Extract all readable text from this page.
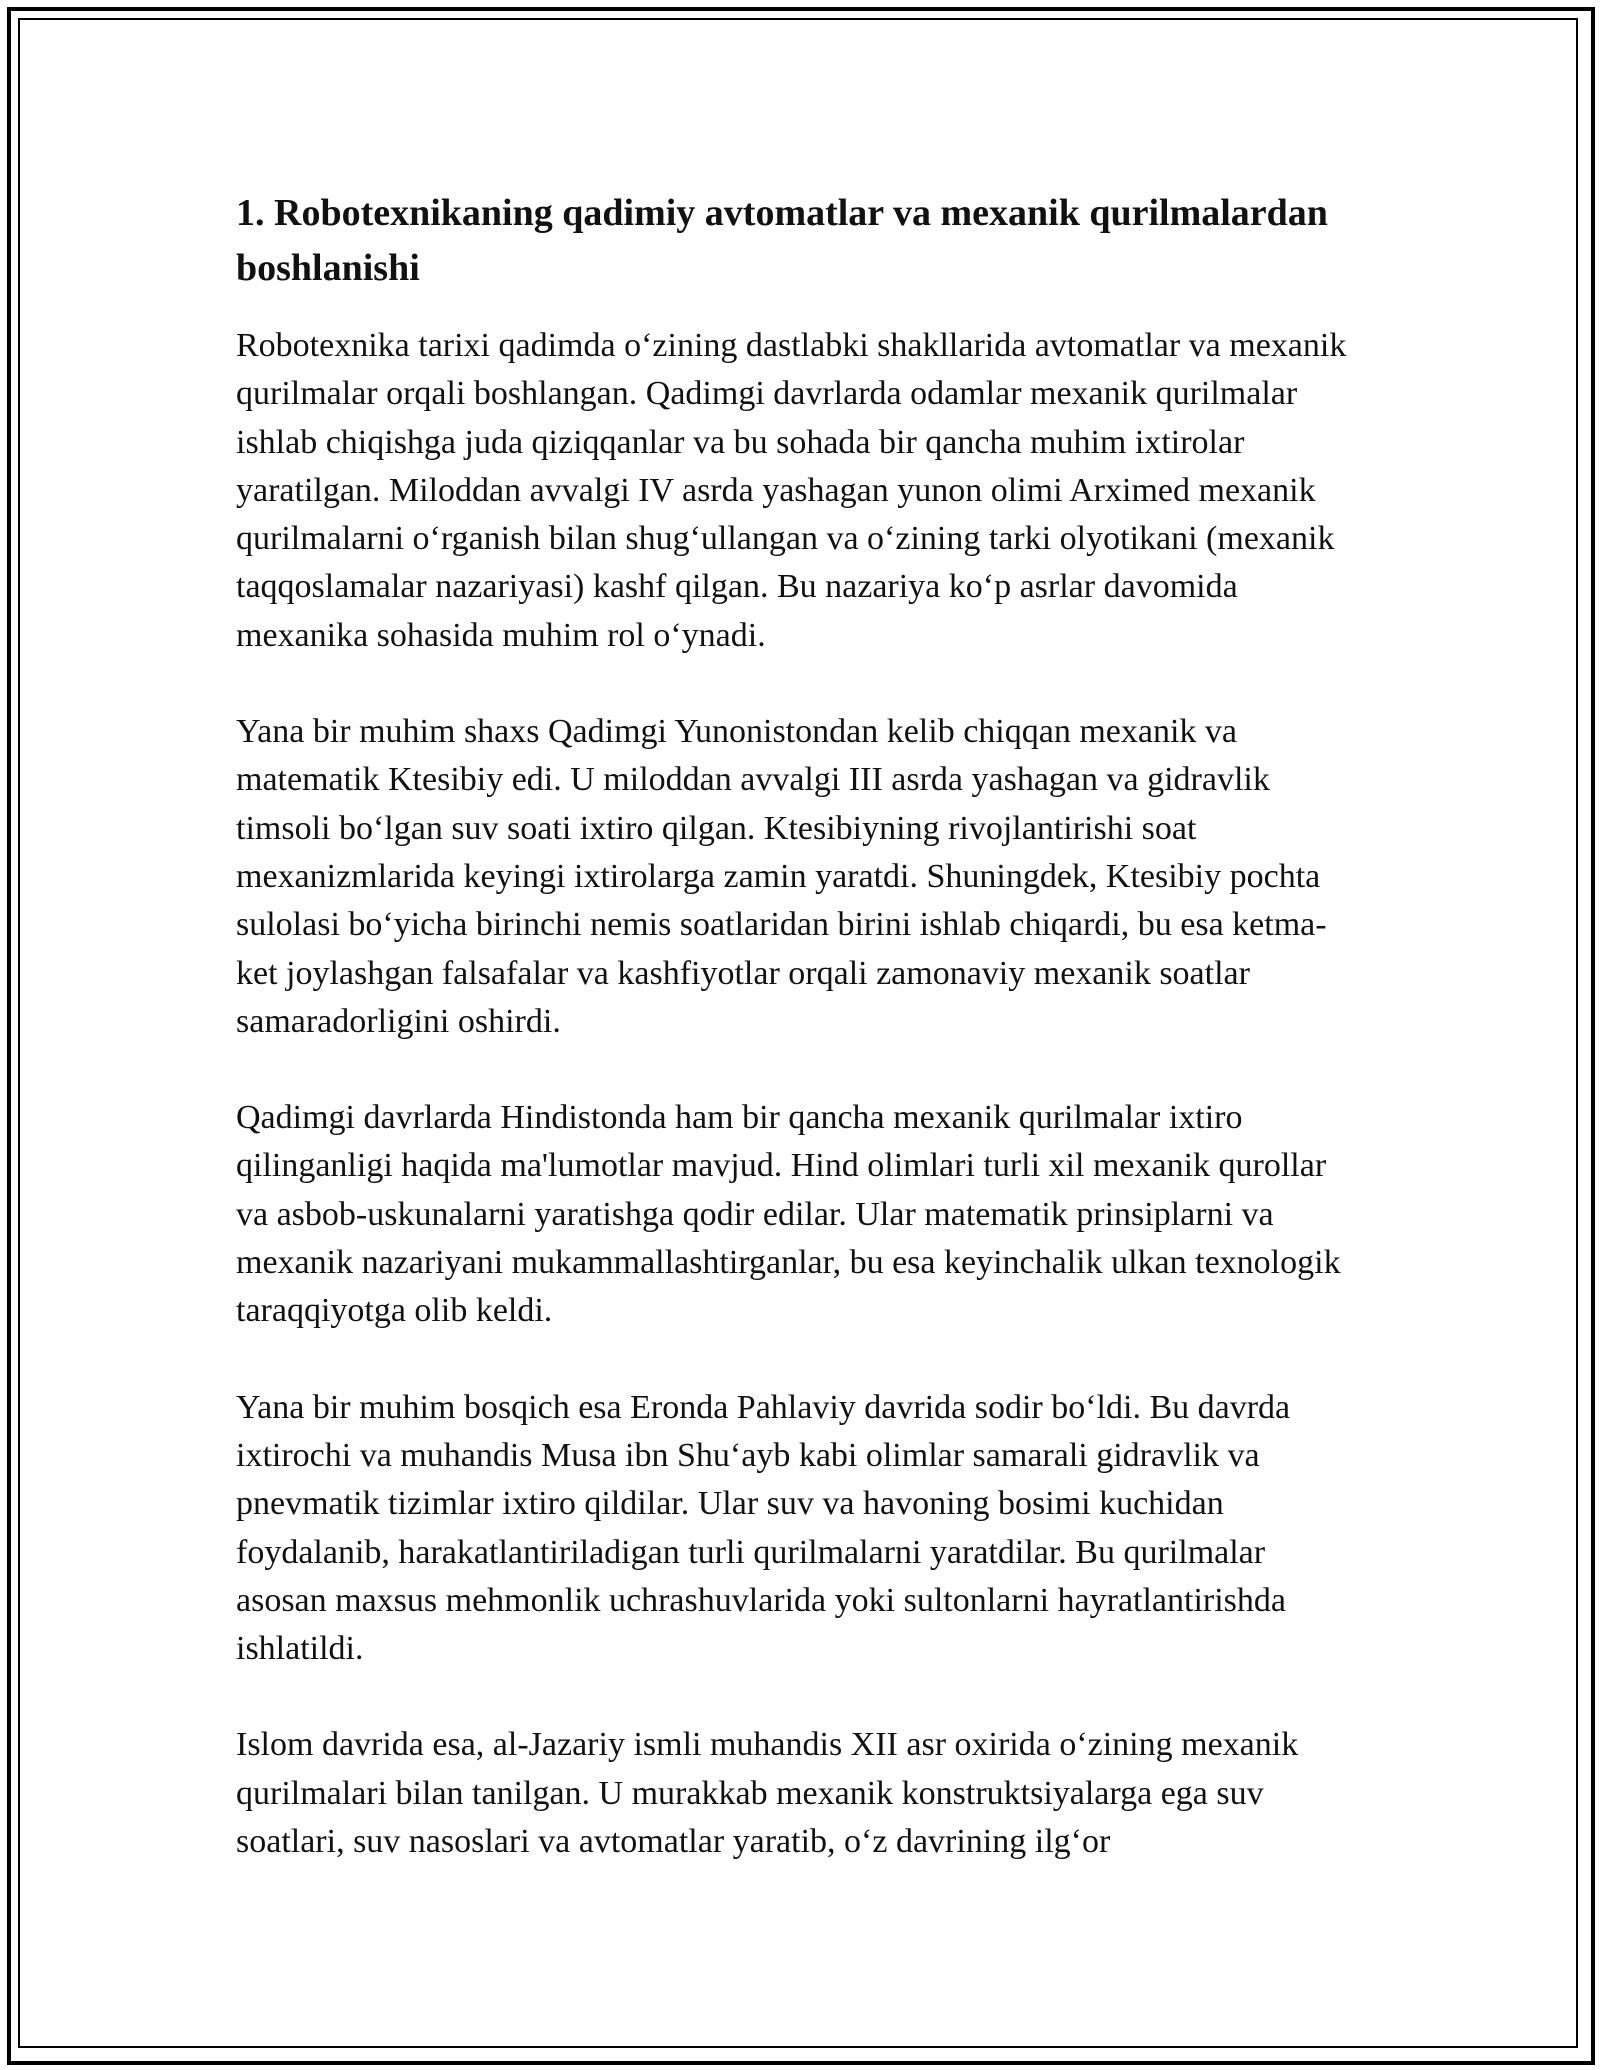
1. Robotexnikaning qadimiy avtomatlar va mexanik qurilmalardan boshlanishi

Robotexnika tarixi qadimda o‘zining dastlabki shakllarida avtomatlar va mexanik qurilmalar orqali boshlangan. Qadimgi davrlarda odamlar mexanik qurilmalar ishlab chiqishga juda qiziqqanlar va bu sohada bir qancha muhim ixtirolar yaratilgan. Miloddan avvalgi IV asrda yashagan yunon olimi Arximed mexanik qurilmalarni o‘rganish bilan shug‘ullangan va o‘zining tarki olyotikani (mexanik taqqoslamalar nazariyasi) kashf qilgan. Bu nazariya ko‘p asrlar davomida mexanika sohasida muhim rol o‘ynadi.

Yana bir muhim shaxs Qadimgi Yunonistondan kelib chiqqan mexanik va matematik Ktesibiy edi. U miloddan avvalgi III asrda yashagan va gidravlik timsoli bo‘lgan suv soati ixtiro qilgan. Ktesibiyning rivojlantirishi soat mexanizmlarida keyingi ixtirolarga zamin yaratdi. Shuningdek, Ktesibiy pochta sulolasi bo‘yicha birinchi nemis soatlaridan birini ishlab chiqardi, bu esa ketma-ket joylashgan falsafalar va kashfiyotlar orqali zamonaviy mexanik soatlar samaradorligini oshirdi.

Qadimgi davrlarda Hindistonda ham bir qancha mexanik qurilmalar ixtiro qilinganligi haqida ma'lumotlar mavjud. Hind olimlari turli xil mexanik qurollar va asbob-uskunalarni yaratishga qodir edilar. Ular matematik prinsiplarni va mexanik nazariyani mukammallashtirganlar, bu esa keyinchalik ulkan texnologik taraqqiyotga olib keldi.

Yana bir muhim bosqich esa Eronda Pahlaviy davrida sodir bo‘ldi. Bu davrda ixtirochi va muhandis Musa ibn Shu‘ayb kabi olimlar samarali gidravlik va pnevmatik tizimlar ixtiro qildilar. Ular suv va havoning bosimi kuchidan foydalanib, harakatlantiriladigan turli qurilmalarni yaratdilar. Bu qurilmalar asosan maxsus mehmonlik uchrashuvlarida yoki sultonlarni hayratlantirishda ishlatildi.

Islom davrida esa, al-Jazariy ismli muhandis XII asr oxirida o‘zining mexanik qurilmalari bilan tanilgan. U murakkab mexanik konstruktsiyalarga ega suv soatlari, suv nasoslari va avtomatlar yaratib, o‘z davrining ilg‘or
